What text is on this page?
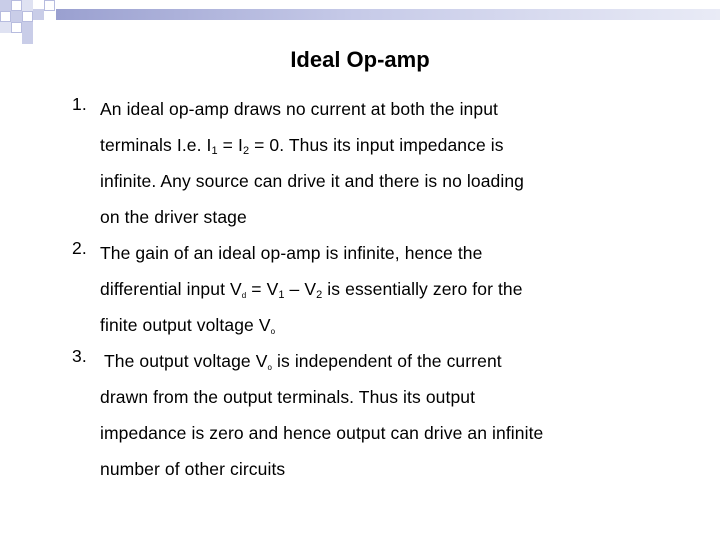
Ideal Op-amp
1. An ideal op-amp draws no current at both the input
terminals I.e. $I_1 = I_2 = 0$. Thus its input impedance is
infinite. Any source can drive it and there is no loading
on the driver stage
2. The gain of an ideal op-amp is infinite, hence the
differential input $V_d = V_1 - V_2$ is essentially zero for the
finite output voltage $V_o$
3. The output voltage $V_o$ is independent of the current
drawn from the output terminals. Thus its output
impedance is zero and hence output can drive an infinite
number of other circuits
